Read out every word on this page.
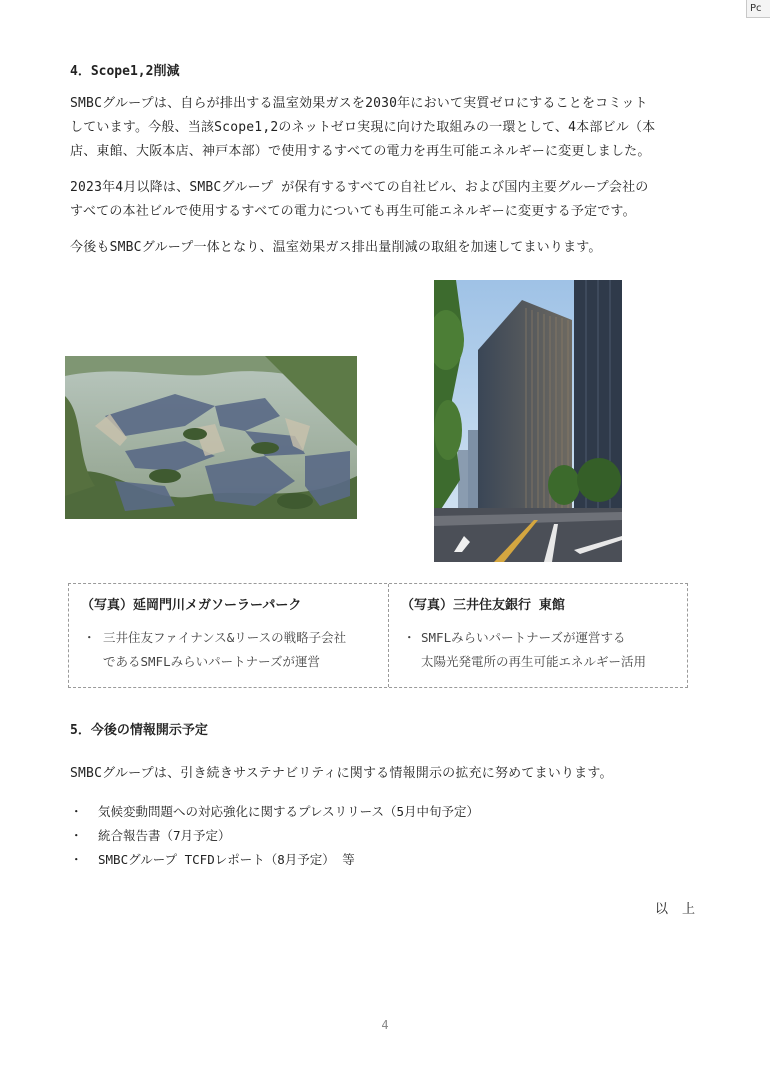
Pc
4．Scope1,2削減
SMBCグループは、自らが排出する温室効果ガスを2030年において実質ゼロにすることをコミット
しています。今般、当該Scope1,2のネットゼロ実現に向けた取組みの一環として、4本部ビル（本
店、東館、大阪本店、神戸本部）で使用するすべての電力を再生可能エネルギーに変更しました。
2023年4月以降は、SMBCグループ が保有するすべての自社ビル、および国内主要グループ会社の
すべての本社ビルで使用するすべての電力についても再生可能エネルギーに変更する予定です。
今後もSMBCグループ一体となり、温室効果ガス排出量削減の取組を加速してまいります。
（写真）延岡門川メガソーラーパーク
・ 三井住友ファイナンス&リースの戦略子会社
であるSMFLみらいパートナーズが運営
（写真）三井住友銀行 東館
・ SMFLみらいパートナーズが運営する
太陽光発電所の再生可能エネルギー活用
5．今後の情報開示予定
SMBCグループは、引き続きサステナビリティに関する情報開示の拡充に努めてまいります。
・ 気候変動問題への対応強化に関するプレスリリース（5月中旬予定）
・ 統合報告書（7月予定）
・ SMBCグループ TCFDレポート（8月予定） 等
以上
4
